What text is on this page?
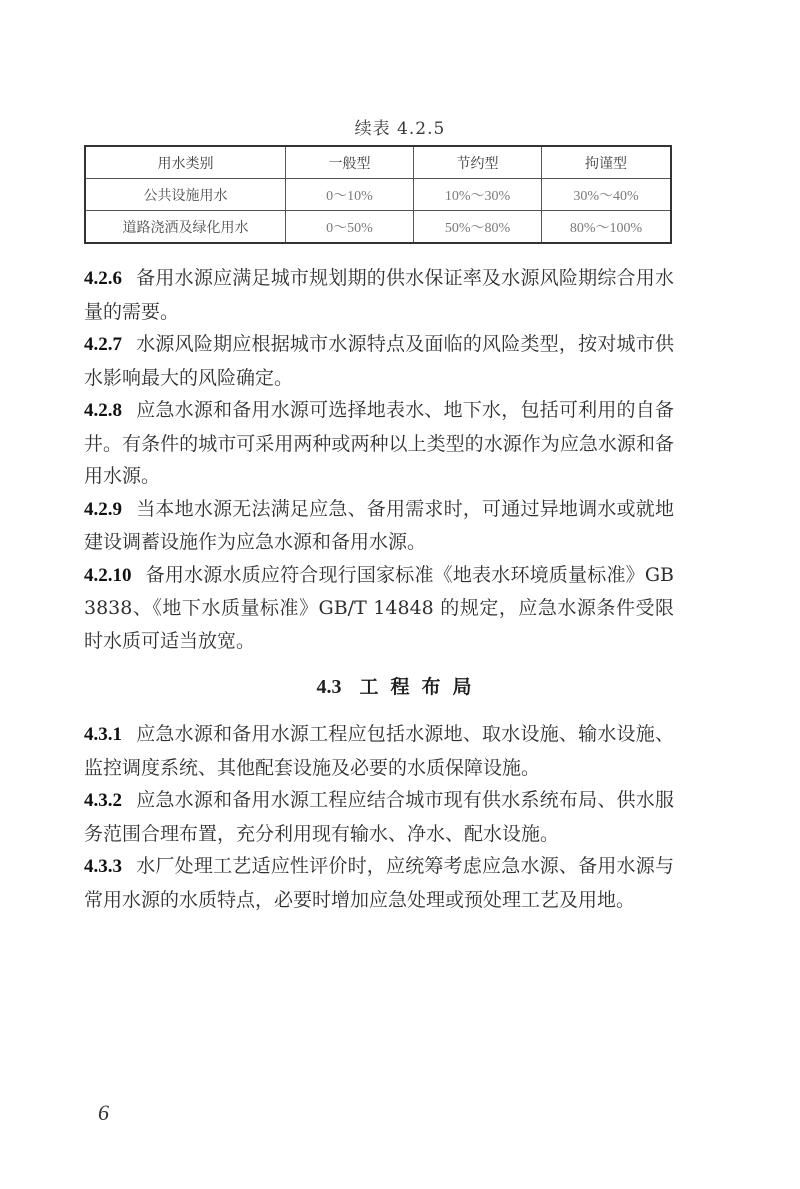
续表 4.2.5
用水类别	一般型	节约型	拘谨型
公共设施用水	0～10%	10%～30%	30%～40%
道路浇洒及绿化用水	0～50%	50%～80%	80%～100%

4.2.6 备用水源应满足城市规划期的供水保证率及水源风险期综合用水量的需要。

4.2.7 水源风险期应根据城市水源特点及面临的风险类型，按对城市供水影响最大的风险确定。

4.2.8 应急水源和备用水源可选择地表水、地下水，包括可利用的自备井。有条件的城市可采用两种或两种以上类型的水源作为应急水源和备用水源。

4.2.9 当本地水源无法满足应急、备用需求时，可通过异地调水或就地建设调蓄设施作为应急水源和备用水源。

4.2.10 备用水源水质应符合现行国家标准《地表水环境质量标准》GB 3838、《地下水质量标准》GB/T 14848 的规定，应急水源条件受限时水质可适当放宽。

4.3 工程布局

4.3.1 应急水源和备用水源工程应包括水源地、取水设施、输水设施、监控调度系统、其他配套设施及必要的水质保障设施。

4.3.2 应急水源和备用水源工程应结合城市现有供水系统布局、供水服务范围合理布置，充分利用现有输水、净水、配水设施。

4.3.3 水厂处理工艺适应性评价时，应统筹考虑应急水源、备用水源与常用水源的水质特点，必要时增加应急处理或预处理工艺及用地。

6
